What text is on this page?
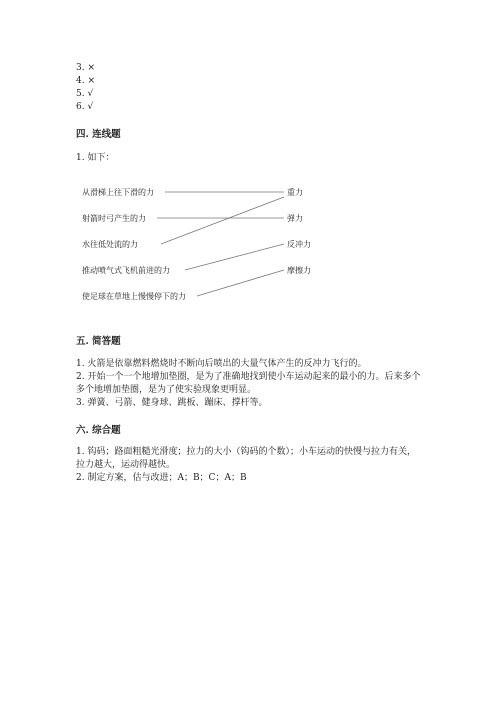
3. ×
4. ×
5. √
6. √
四. 连线题
1. 如下：
从滑梯上往下滑的力
射箭时弓产生的力
水往低处流的力
推动喷气式飞机前进的力
使足球在草地上慢慢停下的力
重力
弹力
反冲力
摩擦力
五. 简答题
1. 火箭是依靠燃料燃烧时不断向后喷出的大量气体产生的反冲力飞行的。
2. 开始一个一个地增加垫圈，是为了准确地找到使小车运动起来的最小的力。后来多个多个地增加垫圈，是为了使实验现象更明显。
3. 弹簧、弓箭、健身球、跳板、蹦床、撑杆等。
六. 综合题
1. 钩码；路面粗糙光滑度；拉力的大小（钩码的个数）；小车运动的快慢与拉力有关，拉力越大，运动得越快。
2. 制定方案，估与改进；A；B；C；A；B
